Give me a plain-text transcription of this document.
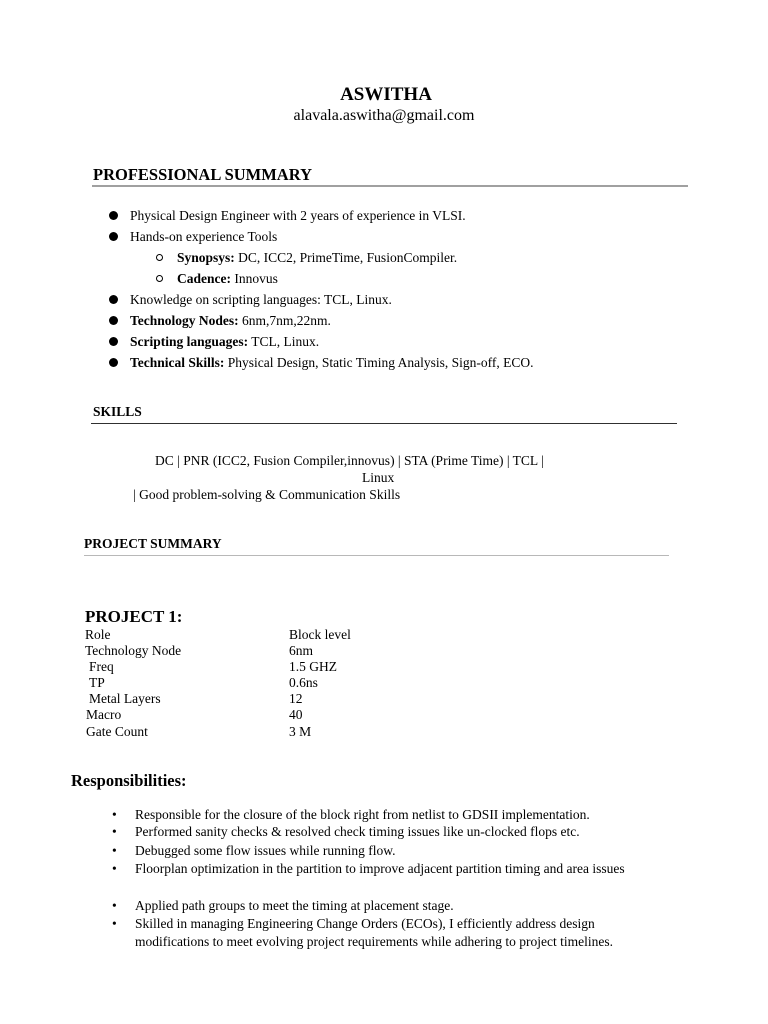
ASWITHA
alavala.aswitha@gmail.com
PROFESSIONAL SUMMARY
Physical Design Engineer with 2 years of experience in VLSI.
Hands-on experience Tools
Synopsys: DC, ICC2, PrimeTime, FusionCompiler.
Cadence: Innovus
Knowledge on scripting languages: TCL, Linux.
Technology Nodes: 6nm,7nm,22nm.
Scripting languages: TCL, Linux.
Technical Skills: Physical Design, Static Timing Analysis, Sign-off, ECO.
SKILLS
DC | PNR (ICC2, Fusion Compiler,innovus) | STA (Prime Time) | TCL |
Linux
| Good problem-solving & Communication Skills
PROJECT SUMMARY
PROJECT 1:
Role	Block level
Technology Node	6nm
Freq	1.5 GHZ
TP	0.6ns
Metal Layers	12
Macro	40
Gate Count	3 M
Responsibilities:
• Responsible for the closure of the block right from netlist to GDSII implementation.
• Performed sanity checks & resolved check timing issues like un-clocked flops etc.
• Debugged some flow issues while running flow.
• Floorplan optimization in the partition to improve adjacent partition timing and area issues
• Applied path groups to meet the timing at placement stage.
• Skilled in managing Engineering Change Orders (ECOs), I efficiently address design modifications to meet evolving project requirements while adhering to project timelines.
